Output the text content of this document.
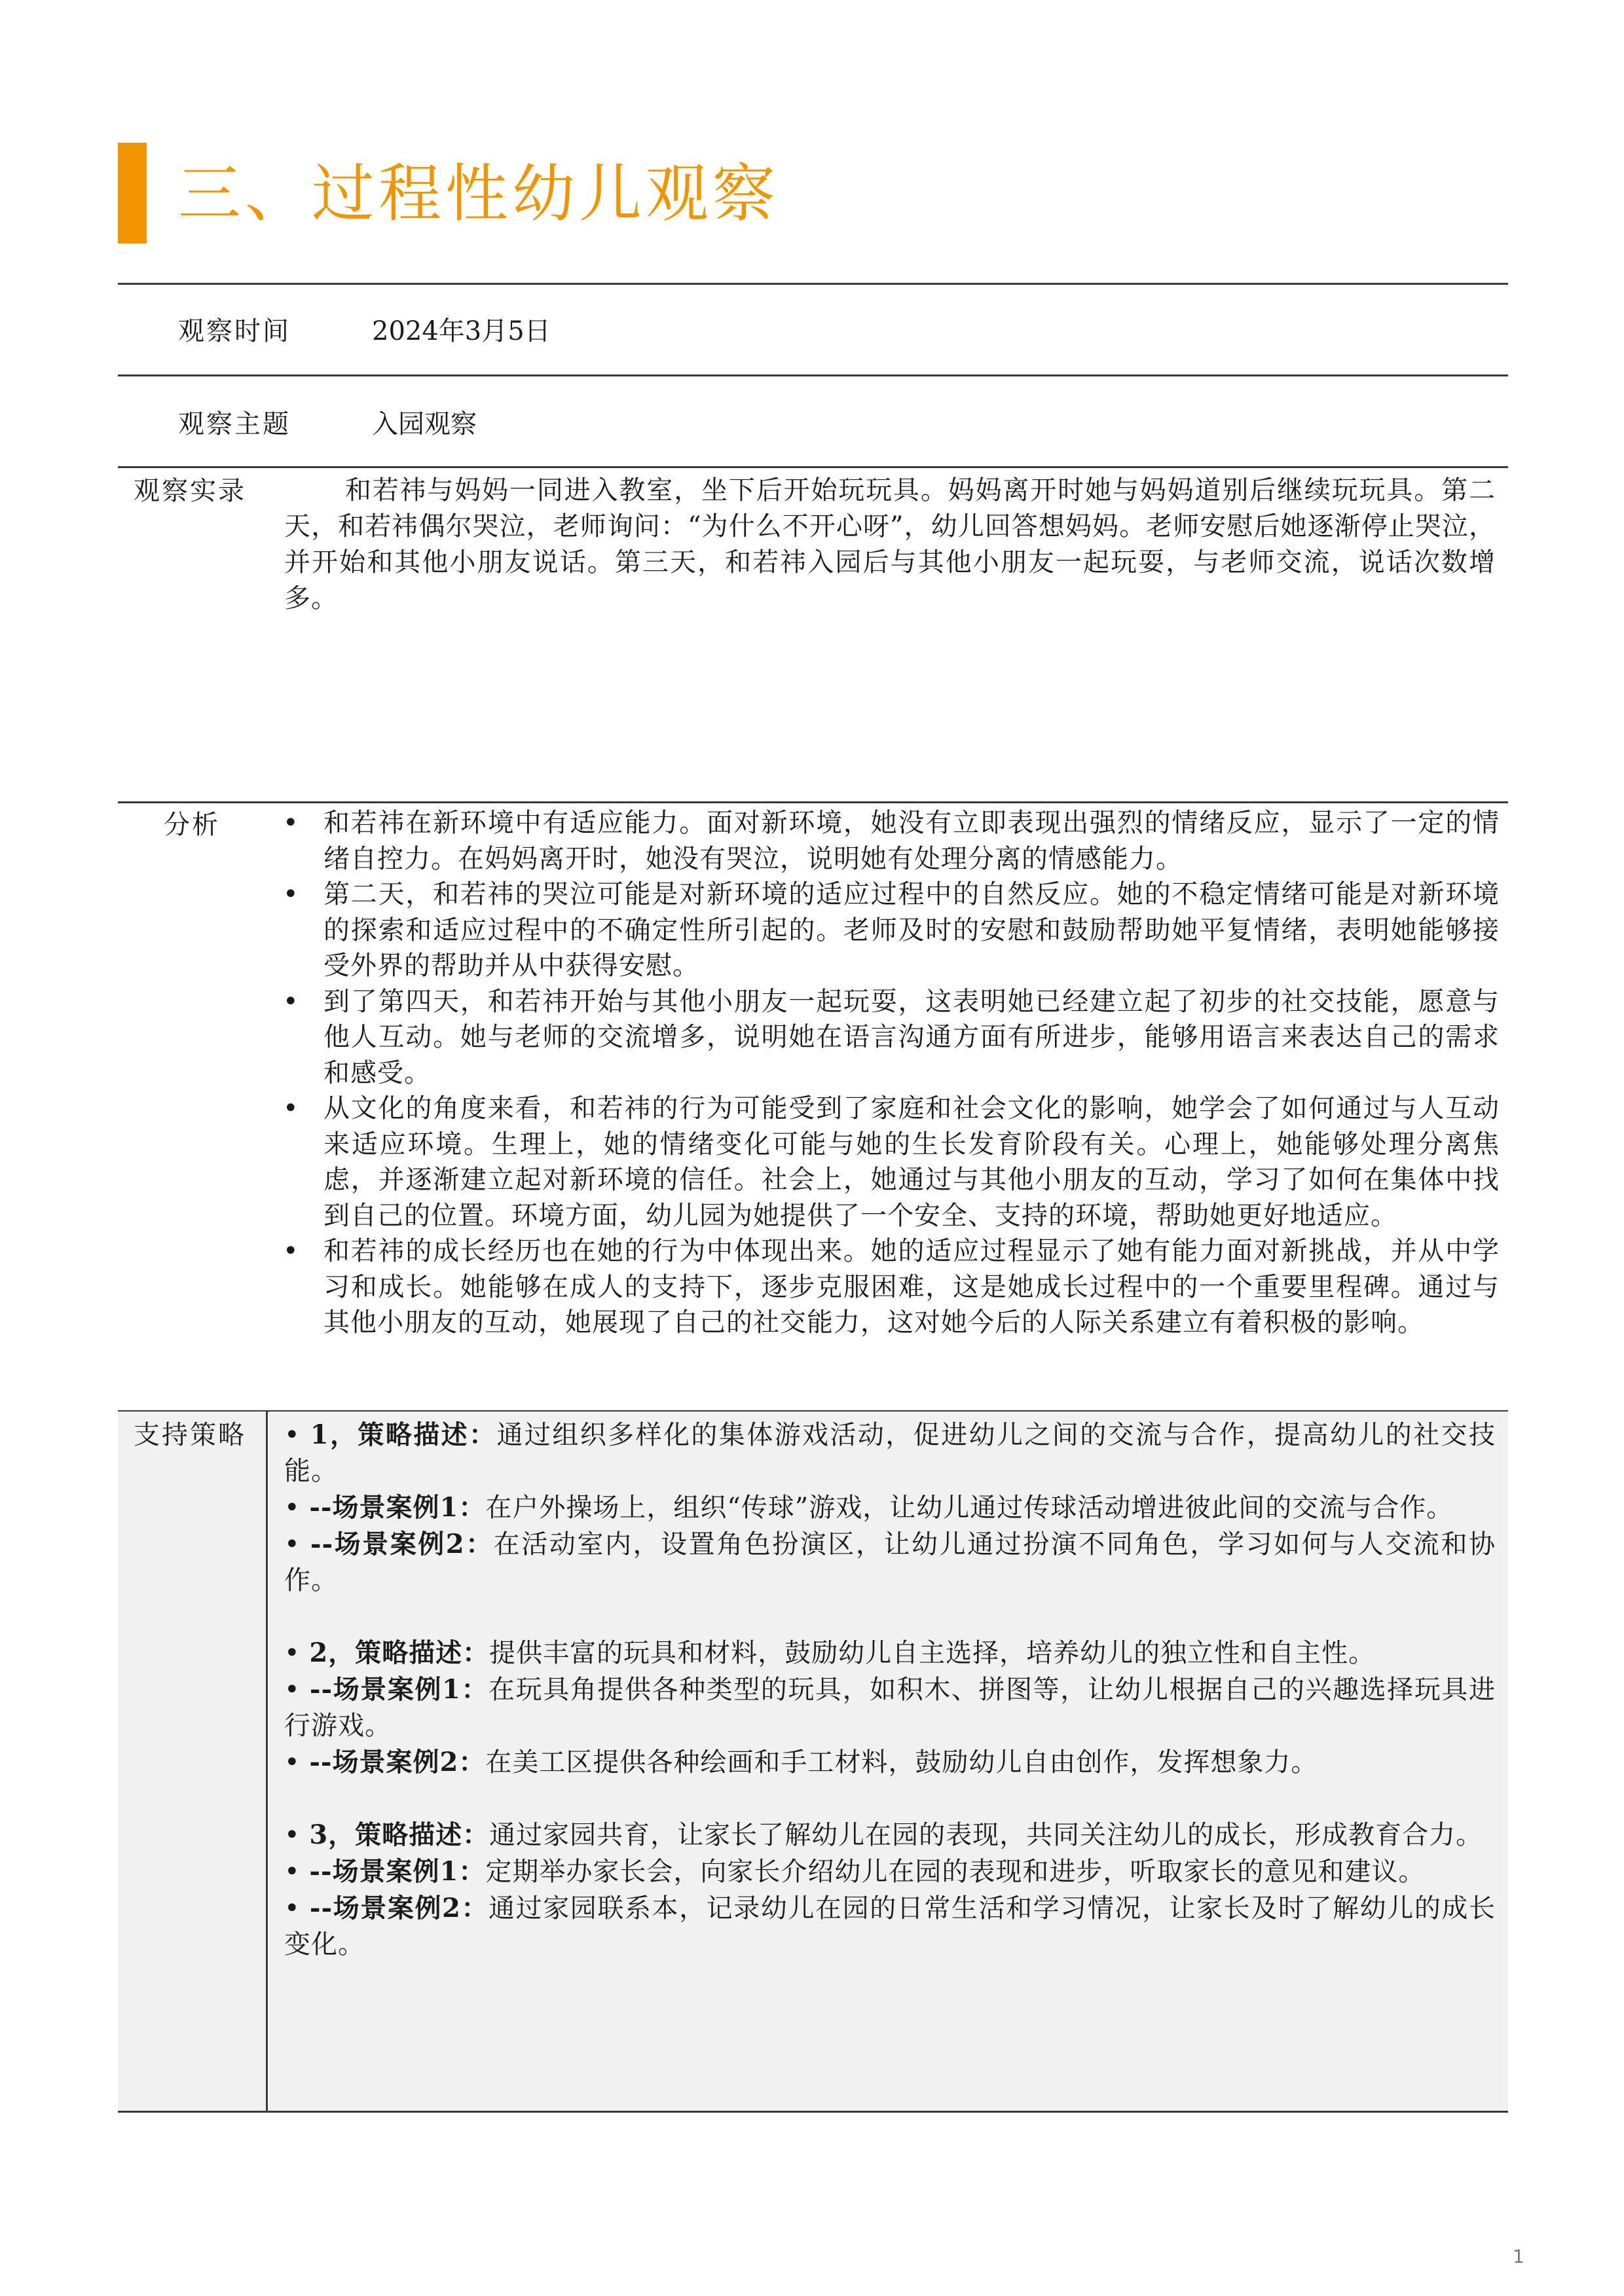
三、过程性幼儿观察
观察时间	2024年3月5日
观察主题	入园观察
观察实录	和若祎与妈妈一同进入教室，坐下后开始玩玩具。妈妈离开时她与妈妈道别后继续玩玩具。第二天，和若祎偶尔哭泣，老师询问：“为什么不开心呀”，幼儿回答想妈妈。老师安慰后她逐渐停止哭泣，并开始和其他小朋友说话。第三天，和若祎入园后与其他小朋友一起玩耍，与老师交流，说话次数增多。
分析 • 和若祎在新环境中有适应能力。面对新环境，她没有立即表现出强烈的情绪反应，显示了一定的情绪自控力。在妈妈离开时，她没有哭泣，说明她有处理分离的情感能力。
• 第二天，和若祎的哭泣可能是对新环境的适应过程中的自然反应。她的不稳定情绪可能是对新环境的探索和适应过程中的不确定性所引起的。老师及时的安慰和鼓励帮助她平复情绪，表明她能够接受外界的帮助并从中获得安慰。
• 到了第四天，和若祎开始与其他小朋友一起玩耍，这表明她已经建立起了初步的社交技能，愿意与他人互动。她与老师的交流增多，说明她在语言沟通方面有所进步，能够用语言来表达自己的需求和感受。
• 从文化的角度来看，和若祎的行为可能受到了家庭和社会文化的影响，她学会了如何通过与人互动来适应环境。生理上，她的情绪变化可能与她的生长发育阶段有关。心理上，她能够处理分离焦虑，并逐渐建立起对新环境的信任。社会上，她通过与其他小朋友的互动，学习了如何在集体中找到自己的位置。环境方面，幼儿园为她提供了一个安全、支持的环境，帮助她更好地适应。
• 和若祎的成长经历也在她的行为中体现出来。她的适应过程显示了她有能力面对新挑战，并从中学习和成长。她能够在成人的支持下，逐步克服困难，这是她成长过程中的一个重要里程碑。通过与其他小朋友的互动，她展现了自己的社交能力，这对她今后的人际关系建立有着积极的影响。
支持策略 • 1，策略描述：通过组织多样化的集体游戏活动，促进幼儿之间的交流与合作，提高幼儿的社交技能。

• --场景案例1：在户外操场上，组织“传球”游戏，让幼儿通过传球活动增进彼此间的交流与合作。

• --场景案例2：在活动室内，设置角色扮演区，让幼儿通过扮演不同角色，学习如何与人交流和协作。

• 2，策略描述：提供丰富的玩具和材料，鼓励幼儿自主选择，培养幼儿的独立性和自主性。

• --场景案例1：在玩具角提供各种类型的玩具，如积木、拼图等，让幼儿根据自己的兴趣选择玩具进行游戏。

• --场景案例2：在美工区提供各种绘画和手工材料，鼓励幼儿自由创作，发挥想象力。

• 3，策略描述：通过家园共育，让家长了解幼儿在园的表现，共同关注幼儿的成长，形成教育合力。

• --场景案例1：定期举办家长会，向家长介绍幼儿在园的表现和进步，听取家长的意见和建议。

• --场景案例2：通过家园联系本，记录幼儿在园的日常生活和学习情况，让家长及时了解幼儿的成长变化。

1
